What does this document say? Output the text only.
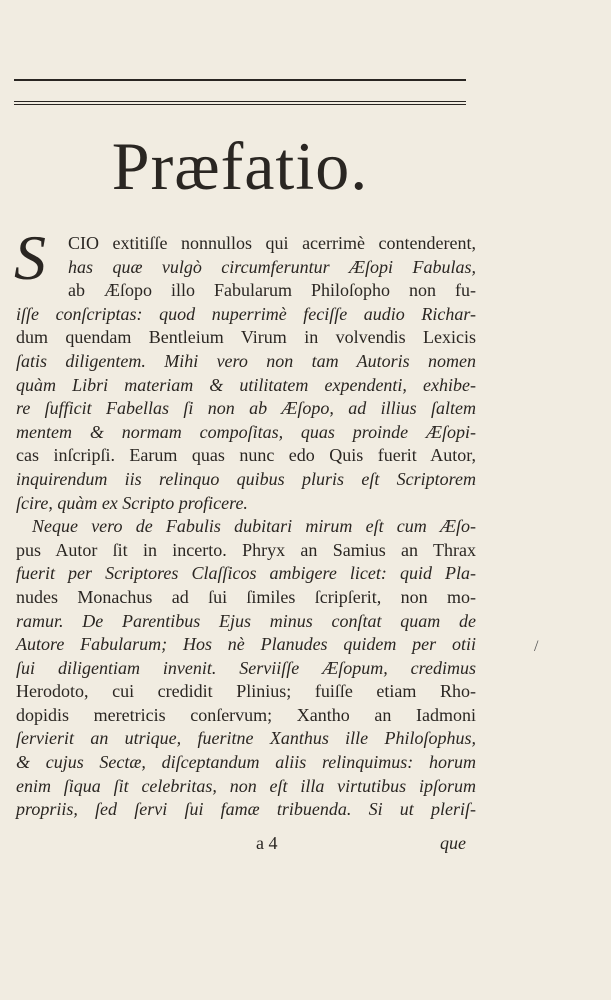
Præfatio.
S	CIO extitiſſe nonnullos qui acerrimè contenderent,
has quæ vulgò circumferuntur Æſopi Fabulas,
ab Æſopo illo Fabularum Philoſopho non fu-
iſſe conſcriptas: quod nuperrimè feciſſe audio Richar-
dum quendam Bentleium Virum in volvendis Lexicis
ſatis diligentem. Mihi vero non tam Autoris nomen
quàm Libri materiam & utilitatem expendenti, exhibe-
re ſufficit Fabellas ſi non ab Æſopo, ad illius ſaltem
mentem & normam compoſitas, quas proinde Æſopi-
cas inſcripſi. Earum quas nunc edo Quis fuerit Autor,
inquirendum iis relinquo quibus pluris eſt Scriptorem
ſcire, quàm ex Scripto proficere.
Neque vero de Fabulis dubitari mirum eſt cum Æſo-
pus Autor ſit in incerto. Phryx an Samius an Thrax
fuerit per Scriptores Claſſicos ambigere licet: quid Pla-
nudes Monachus ad ſui ſimiles ſcripſerit, non mo-
ramur. De Parentibus Ejus minus conſtat quam de
Autore Fabularum; Hos nè Planudes quidem per otii
ſui diligentiam invenit. Serviiſſe Æſopum, credimus
Herodoto, cui credidit Plinius; fuiſſe etiam Rho-
dopidis meretricis conſervum; Xantho an Iadmoni
ſervierit an utrique, fueritne Xanthus ille Philoſophus,
& cujus Sectæ, diſceptandum aliis relinquimus: horum
enim ſiqua ſit celebritas, non eſt illa virtutibus ipſorum
propriis, ſed ſervi ſui famæ tribuenda. Si ut pleriſ-
a 4	que
/
